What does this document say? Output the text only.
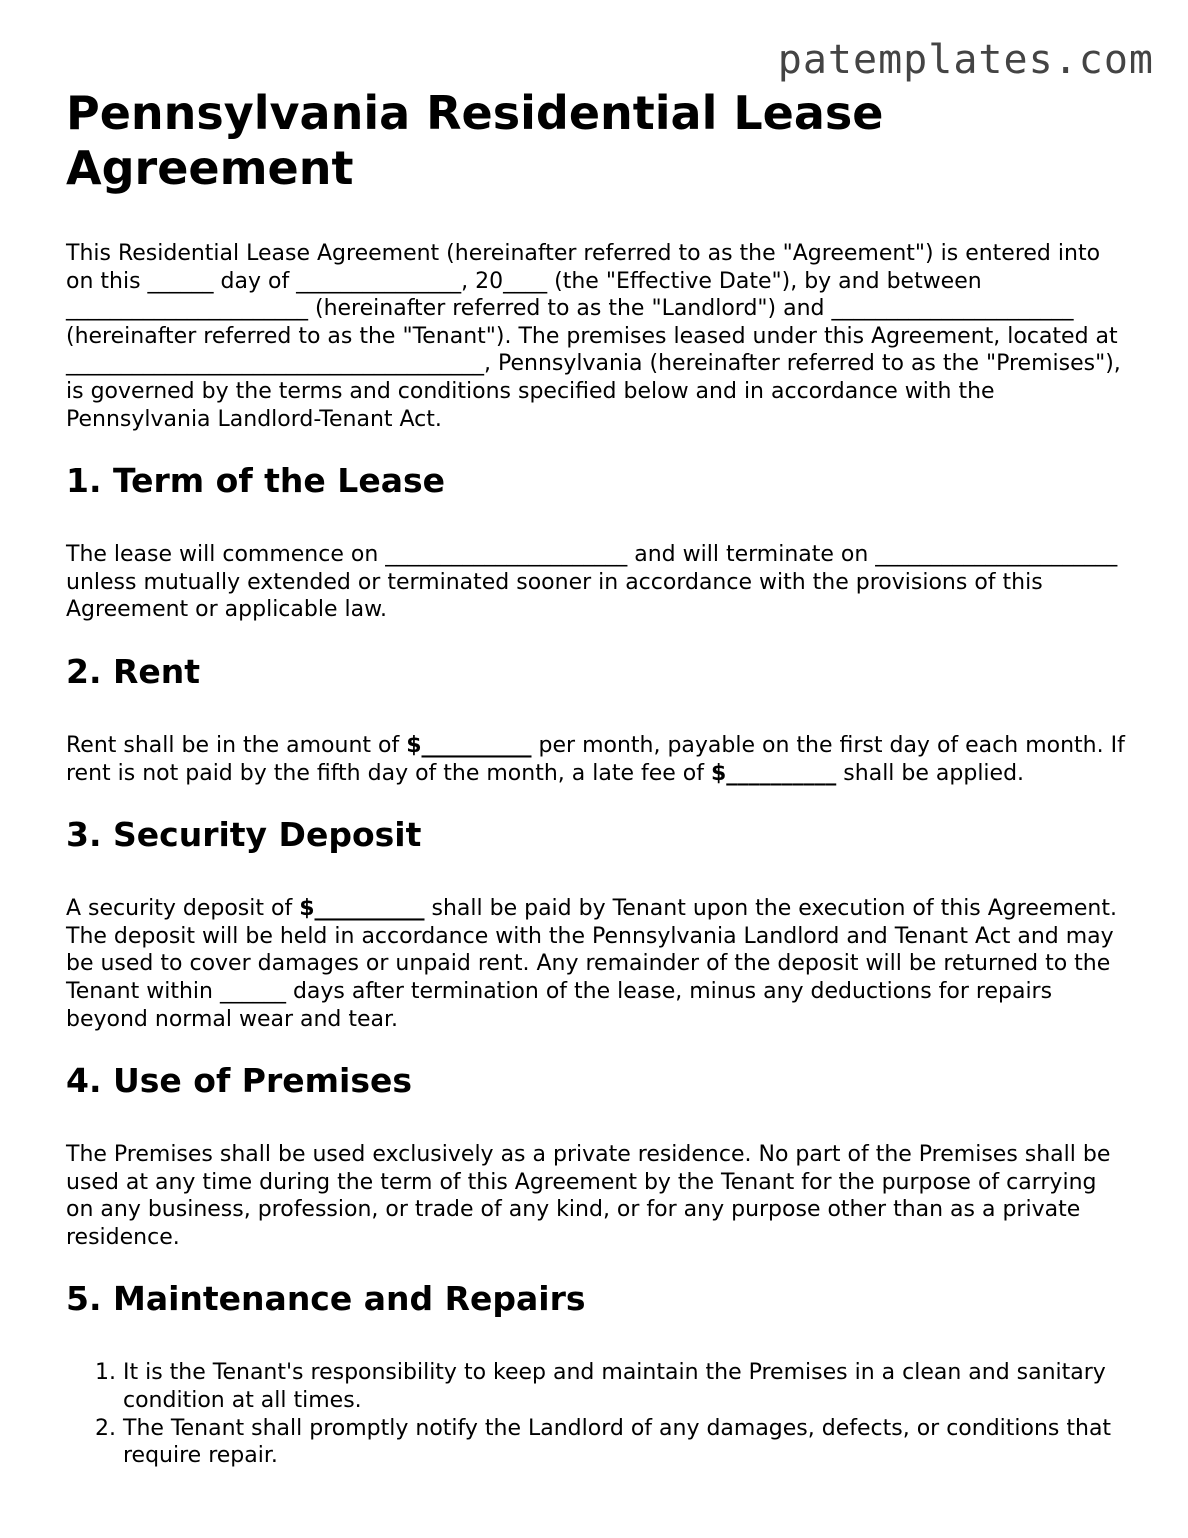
patemplates.com
Pennsylvania Residential Lease Agreement

This Residential Lease Agreement (hereinafter referred to as the "Agreement") is entered into on this ______ day of _______________, 20____ (the "Effective Date"), by and between ______________________ (hereinafter referred to as the "Landlord") and ______________________ (hereinafter referred to as the "Tenant"). The premises leased under this Agreement, located at ______________________________________, Pennsylvania (hereinafter referred to as the "Premises"), is governed by the terms and conditions specified below and in accordance with the Pennsylvania Landlord-Tenant Act.

1. Term of the Lease

The lease will commence on ______________________ and will terminate on ______________________ unless mutually extended or terminated sooner in accordance with the provisions of this Agreement or applicable law.

2. Rent

Rent shall be in the amount of $__________ per month, payable on the first day of each month. If rent is not paid by the fifth day of the month, a late fee of $__________ shall be applied.

3. Security Deposit

A security deposit of $__________ shall be paid by Tenant upon the execution of this Agreement. The deposit will be held in accordance with the Pennsylvania Landlord and Tenant Act and may be used to cover damages or unpaid rent. Any remainder of the deposit will be returned to the Tenant within ______ days after termination of the lease, minus any deductions for repairs beyond normal wear and tear.

4. Use of Premises

The Premises shall be used exclusively as a private residence. No part of the Premises shall be used at any time during the term of this Agreement by the Tenant for the purpose of carrying on any business, profession, or trade of any kind, or for any purpose other than as a private residence.

5. Maintenance and Repairs
1. It is the Tenant's responsibility to keep and maintain the Premises in a clean and sanitary condition at all times.
2. The Tenant shall promptly notify the Landlord of any damages, defects, or conditions that require repair.
